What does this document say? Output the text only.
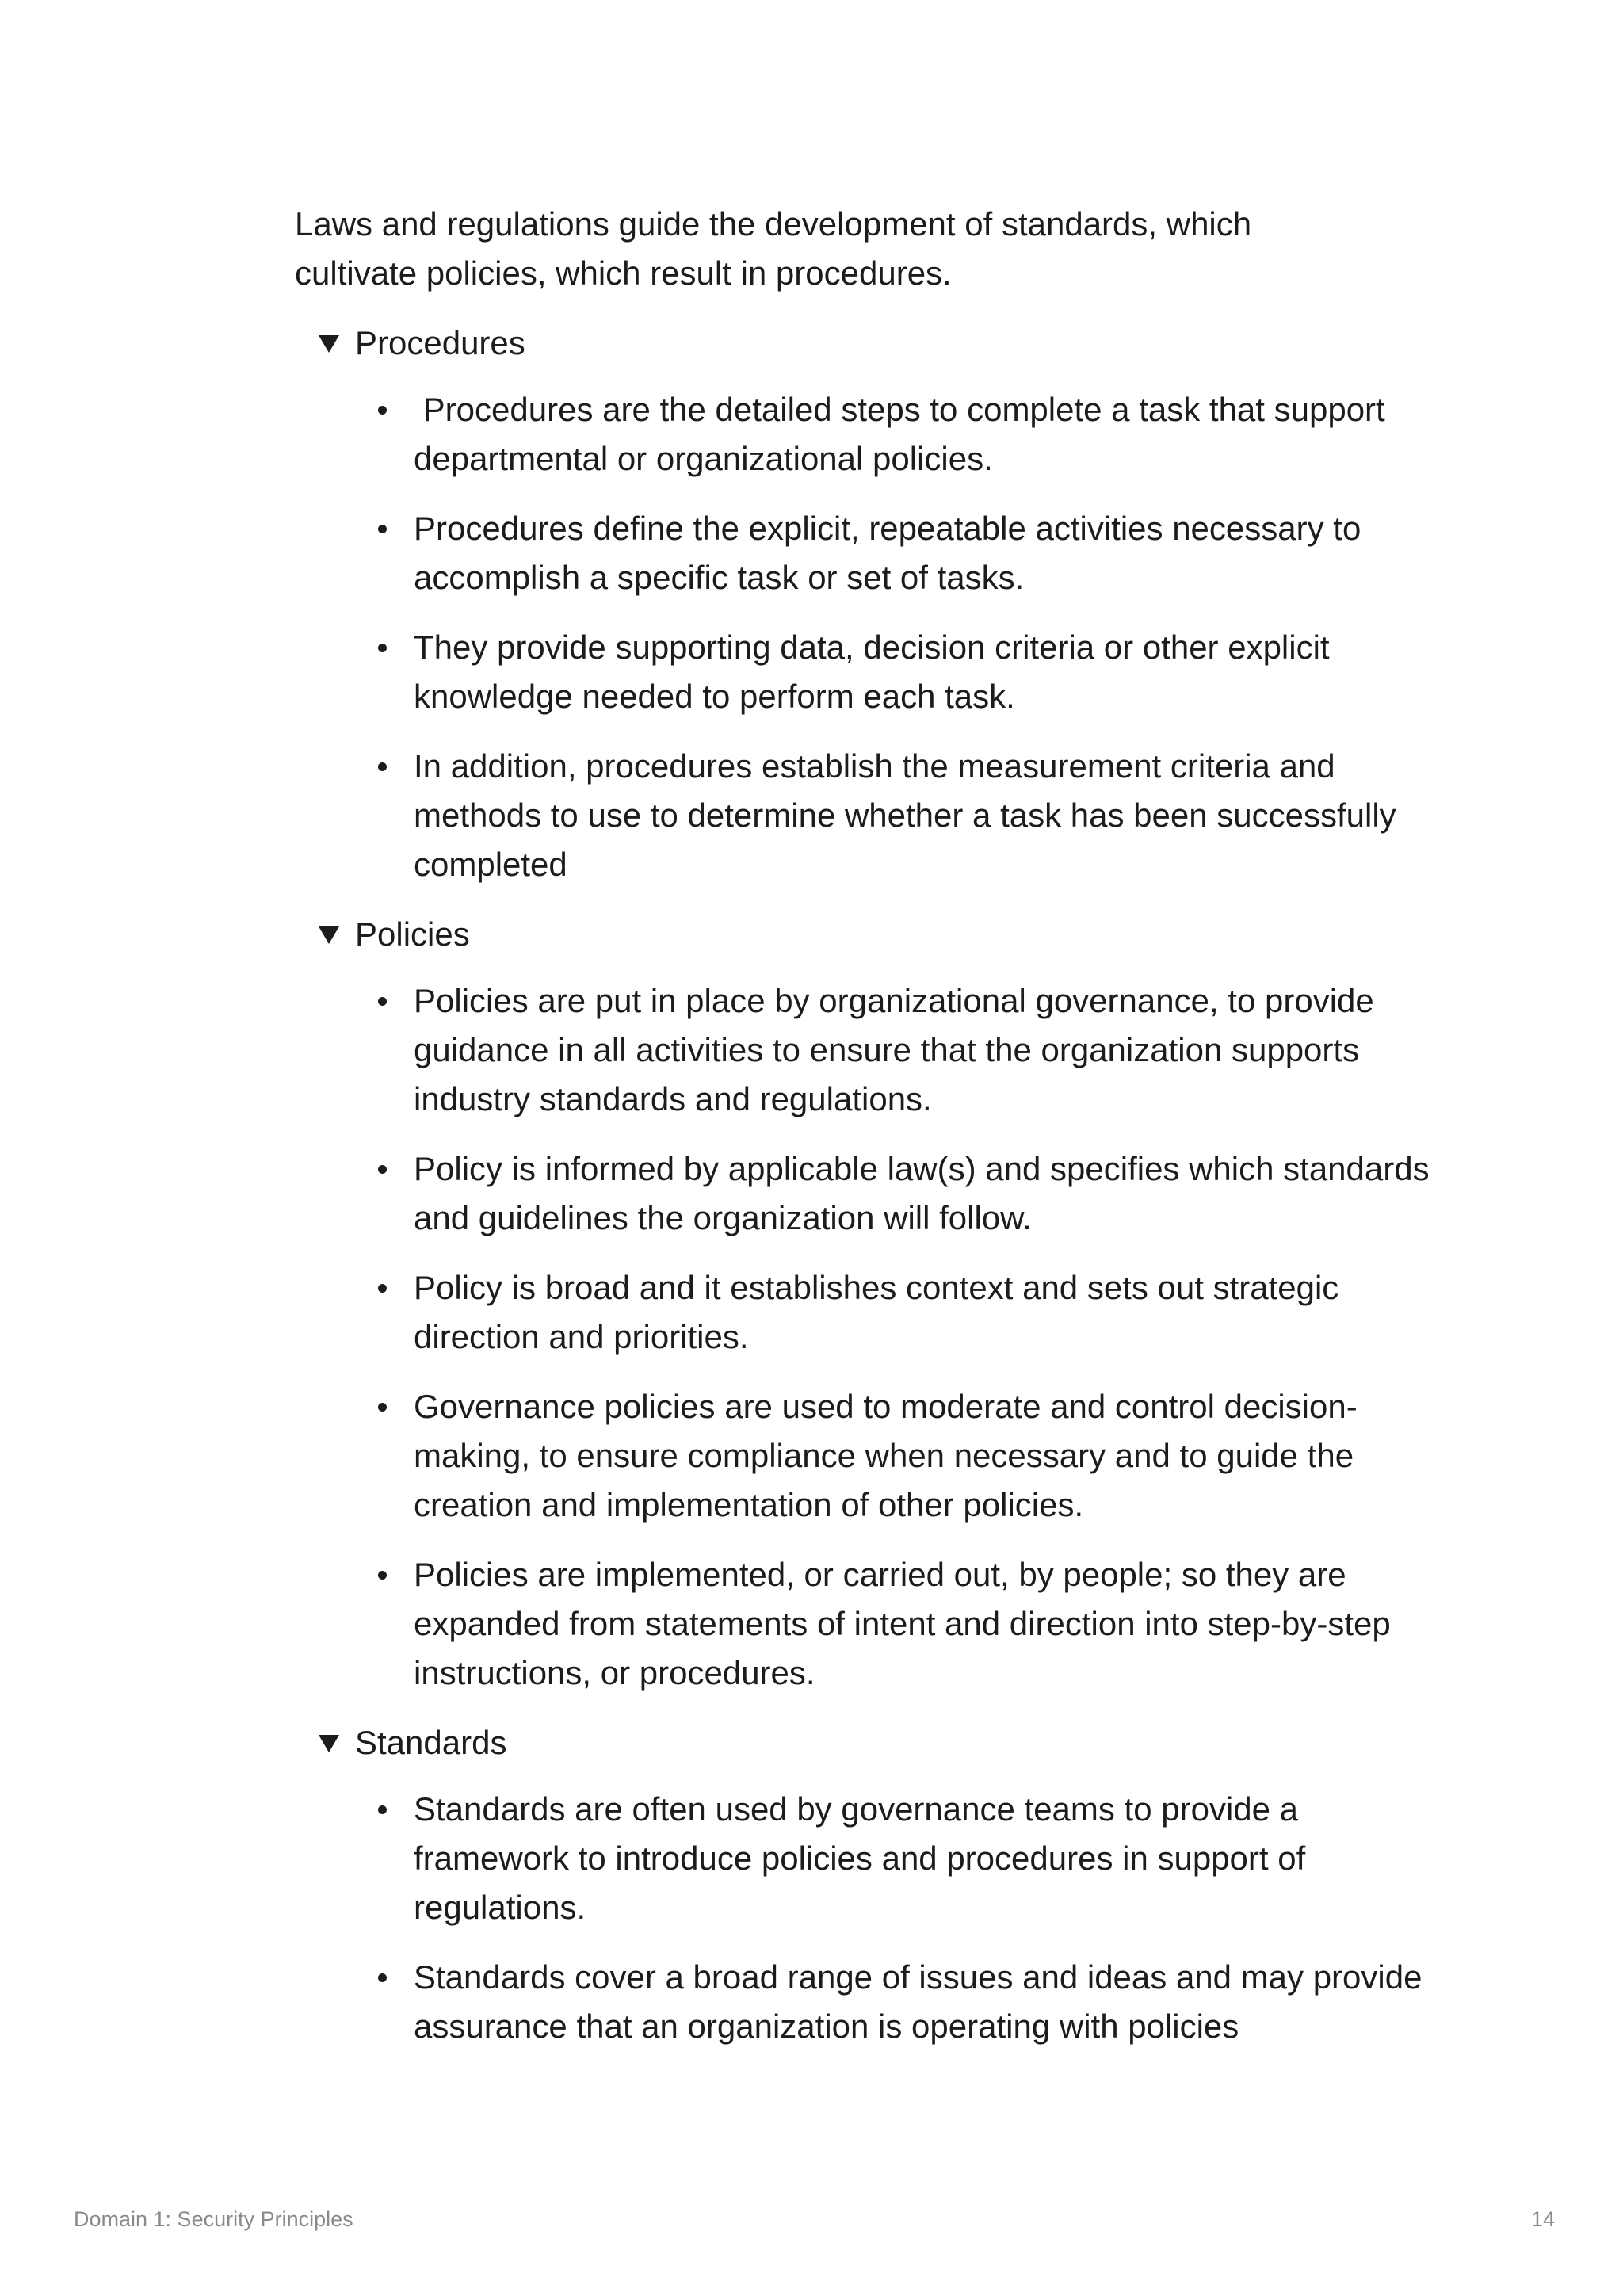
Laws and regulations guide the development of standards, which cultivate policies, which result in procedures.

Procedures
Procedures are the detailed steps to complete a task that support departmental or organizational policies.
Procedures define the explicit, repeatable activities necessary to accomplish a specific task or set of tasks.
They provide supporting data, decision criteria or other explicit knowledge needed to perform each task.
In addition, procedures establish the measurement criteria and methods to use to determine whether a task has been successfully completed
Policies
Policies are put in place by organizational governance, to provide guidance in all activities to ensure that the organization supports industry standards and regulations.
Policy is informed by applicable law(s) and specifies which standards and guidelines the organization will follow.
Policy is broad and it establishes context and sets out strategic direction and priorities.
Governance policies are used to moderate and control decision-making, to ensure compliance when necessary and to guide the creation and implementation of other policies.
Policies are implemented, or carried out, by people; so they are expanded from statements of intent and direction into step-by-step instructions, or procedures.
Standards
Standards are often used by governance teams to provide a framework to introduce policies and procedures in support of regulations.
Standards cover a broad range of issues and ideas and may provide assurance that an organization is operating with policies
Domain 1: Security Principles	14
